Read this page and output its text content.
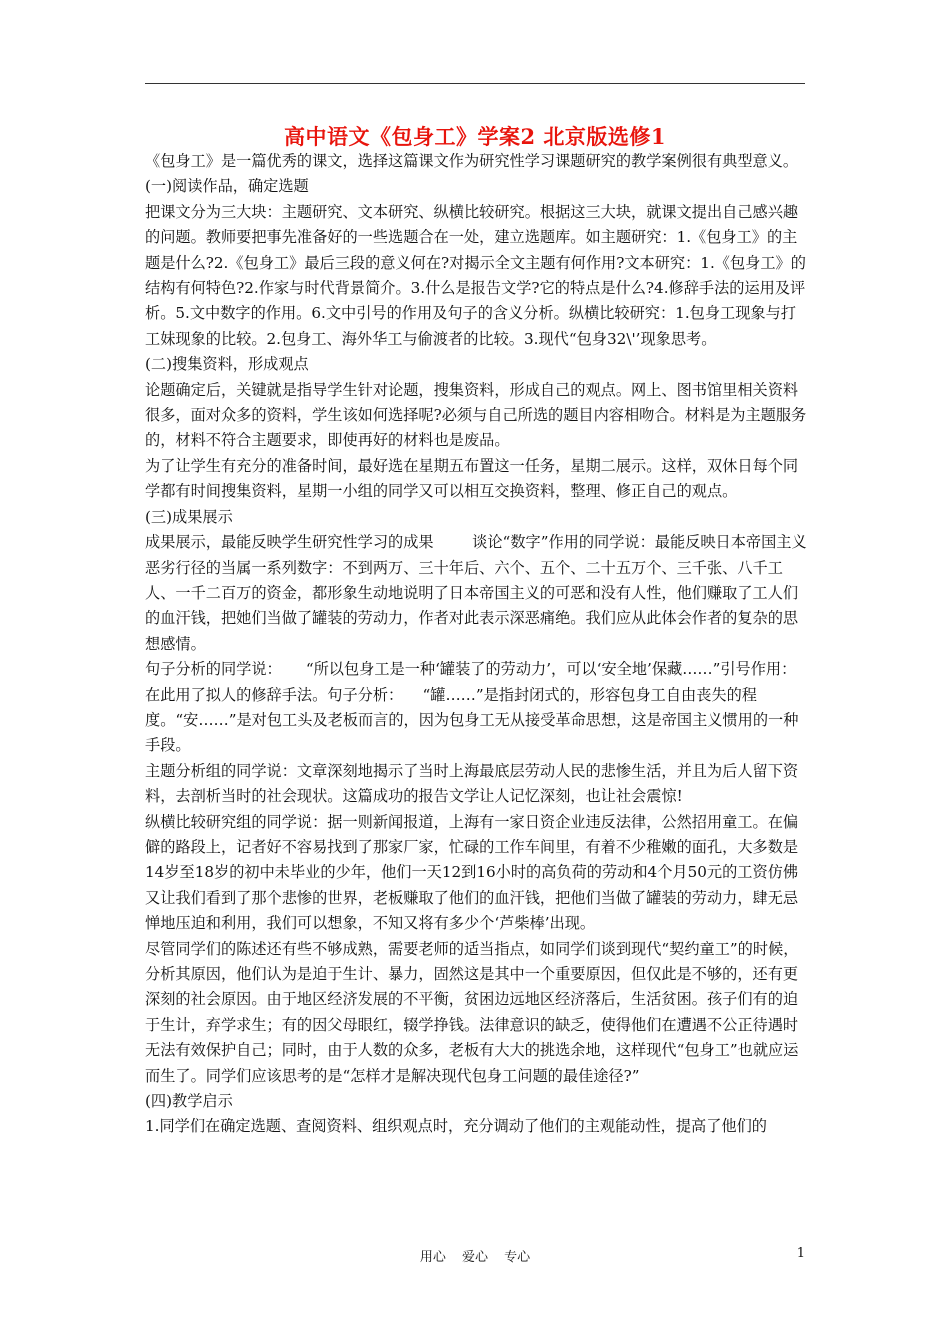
高中语文《包身工》学案2 北京版选修1

《包身工》是一篇优秀的课文，选择这篇课文作为研究性学习课题研究的教学案例很有典型意义。

(一)阅读作品，确定选题

把课文分为三大块：主题研究、文本研究、纵横比较研究。根据这三大块，就课文提出自己感兴趣的问题。教师要把事先准备好的一些选题合在一处，建立选题库。如主题研究：1.《包身工》的主题是什么?2.《包身工》最后三段的意义何在?对揭示全文主题有何作用?文本研究：1.《包身工》的结构有何特色?2.作家与时代背景简介。3.什么是报告文学?它的特点是什么?4.修辞手法的运用及评析。5.文中数字的作用。6.文中引号的作用及句子的含义分析。纵横比较研究：1.包身工现象与打工妹现象的比较。2.包身工、海外华工与偷渡者的比较。3.现代“包身32\'’现象思考。

(二)搜集资料，形成观点

论题确定后，关键就是指导学生针对论题，搜集资料，形成自己的观点。网上、图书馆里相关资料很多，面对众多的资料，学生该如何选择呢?必须与自己所选的题目内容相吻合。材料是为主题服务的，材料不符合主题要求，即使再好的材料也是废品。

为了让学生有充分的准备时间，最好选在星期五布置这一任务，星期二展示。这样，双休日每个同学都有时间搜集资料，星期一小组的同学又可以相互交换资料，整理、修正自己的观点。

(三)成果展示

成果展示，最能反映学生研究性学习的成果        谈论“数字”作用的同学说：最能反映日本帝国主义恶劣行径的当属一系列数字：不到两万、三十年后、六个、五个、二十五万个、三千张、八千工人、一千二百万的资金，都形象生动地说明了日本帝国主义的可恶和没有人性，他们赚取了工人们的血汗钱，把她们当做了罐装的劳动力，作者对此表示深恶痛绝。我们应从此体会作者的复杂的思想感情。

句子分析的同学说：     “所以包身工是一种‘罐装了的劳动力’，可以‘安全地’保藏……”引号作用：在此用了拟人的修辞手法。句子分析：    “罐……”是指封闭式的，形容包身工自由丧失的程度。“安……”是对包工头及老板而言的，因为包身工无从接受革命思想，这是帝国主义惯用的一种手段。

主题分析组的同学说：文章深刻地揭示了当时上海最底层劳动人民的悲惨生活，并且为后人留下资料，去剖析当时的社会现状。这篇成功的报告文学让人记忆深刻，也让社会震惊!

纵横比较研究组的同学说：据一则新闻报道，上海有一家日资企业违反法律，公然招用童工。在偏僻的路段上，记者好不容易找到了那家厂家，忙碌的工作车间里，有着不少稚嫩的面孔，大多数是14岁至18岁的初中未毕业的少年，他们一天12到16小时的高负荷的劳动和4个月50元的工资仿佛又让我们看到了那个悲惨的世界，老板赚取了他们的血汗钱，把他们当做了罐装的劳动力，肆无忌惮地压迫和利用，我们可以想象，不知又将有多少个‘芦柴棒’出现。

尽管同学们的陈述还有些不够成熟，需要老师的适当指点，如同学们谈到现代“契约童工”的时候，分析其原因，他们认为是迫于生计、暴力，固然这是其中一个重要原因，但仅此是不够的，还有更深刻的社会原因。由于地区经济发展的不平衡，贫困边远地区经济落后，生活贫困。孩子们有的迫于生计，弃学求生；有的因父母眼红，辍学挣钱。法律意识的缺乏，使得他们在遭遇不公正待遇时无法有效保护自己；同时，由于人数的众多，老板有大大的挑选余地，这样现代“包身工”也就应运而生了。同学们应该思考的是“怎样才是解决现代包身工问题的最佳途径?”

(四)教学启示

1.同学们在确定选题、查阅资料、组织观点时，充分调动了他们的主观能动性，提高了他们的

用心 爱心 专心	1
